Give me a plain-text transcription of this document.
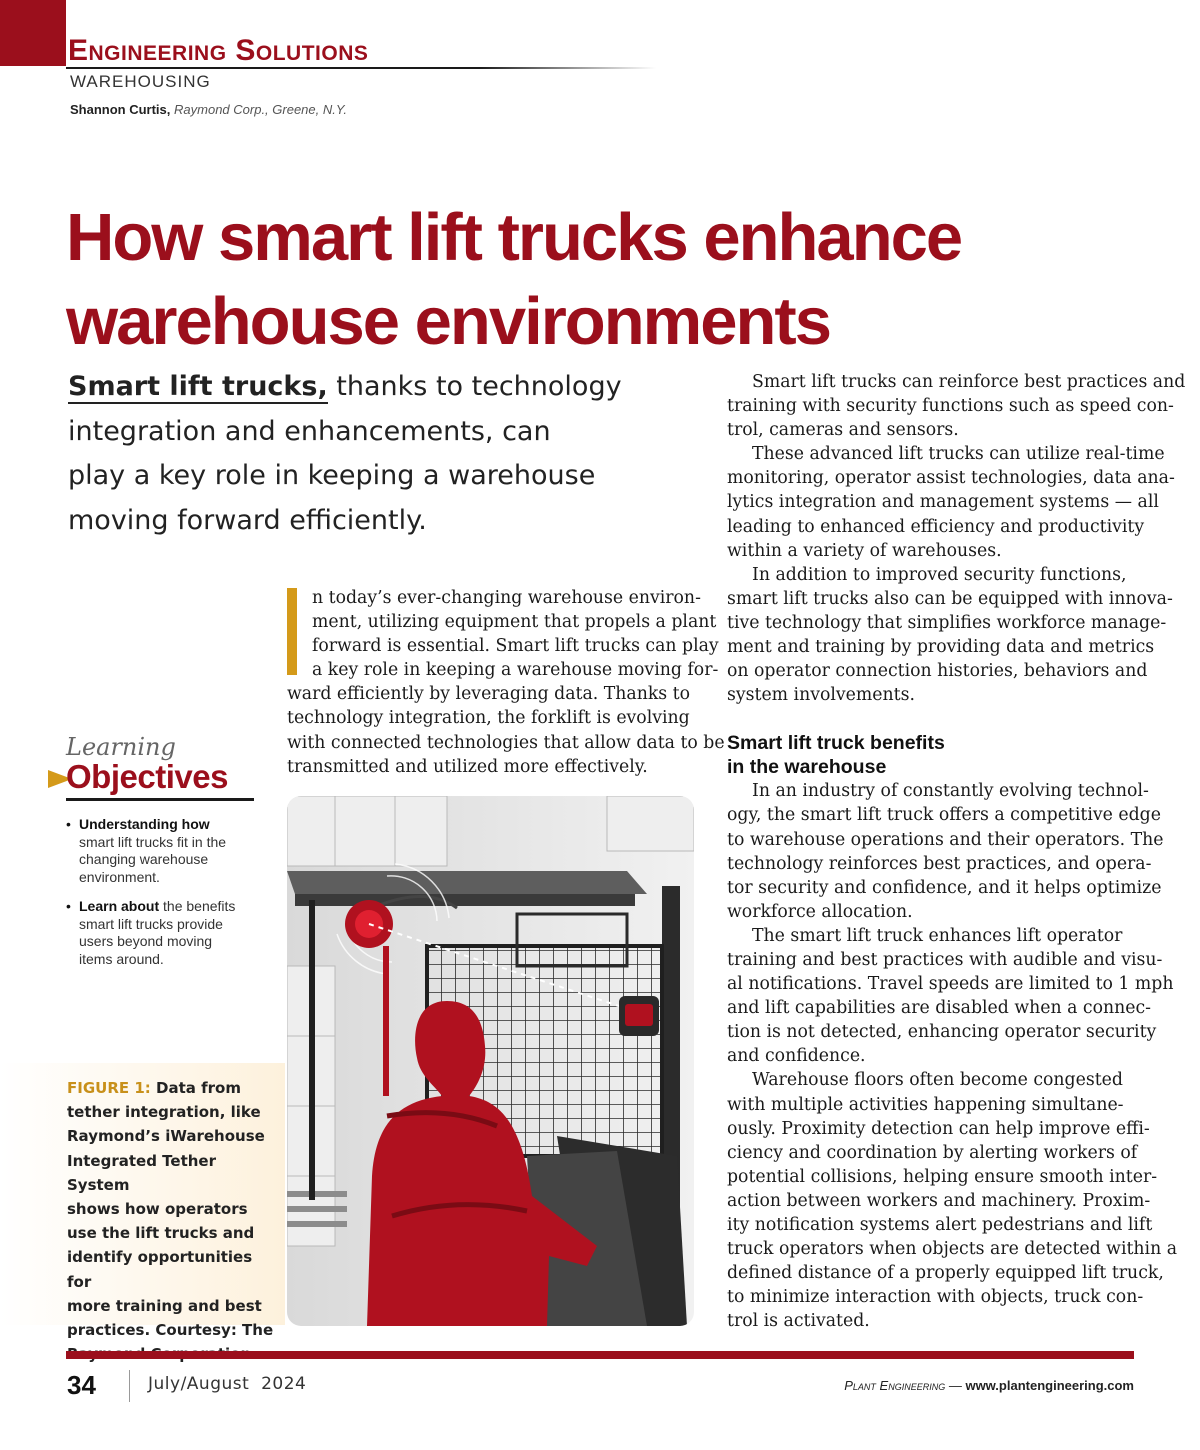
Engineering Solutions
WAREHOUSING
Shannon Curtis, Raymond Corp., Greene, N.Y.
How smart lift trucks enhance
warehouse environments
Smart lift trucks, thanks to technology
integration and enhancements, can
play a key role in keeping a warehouse
moving forward efficiently.
Learning
Objectives
• Understanding how
smart lift trucks fit in the
changing warehouse
environment.
• Learn about the benefits
smart lift trucks provide
users beyond moving
items around.
FIGURE 1: Data from
tether integration, like
Raymond’s iWarehouse
Integrated Tether System
shows how operators
use the lift trucks and
identify opportunities for
more training and best
practices. Courtesy: The

n today’s ever-changing warehouse environ-
ment, utilizing equipment that propels a plant
forward is essential. Smart lift trucks can play
a key role in keeping a warehouse moving for-
ward efficiently by leveraging data. Thanks to
technology integration, the forklift is evolving
with connected technologies that allow data to be
transmitted and utilized more effectively.
Smart lift trucks can reinforce best practices and
training with security functions such as speed con-
trol, cameras and sensors.
These advanced lift trucks can utilize real-time
monitoring, operator assist technologies, data ana-
lytics integration and management systems — all
leading to enhanced efficiency and productivity
within a variety of warehouses.
In addition to improved security functions,
smart lift trucks also can be equipped with innova-
tive technology that simplifies workforce manage-
ment and training by providing data and metrics
on operator connection histories, behaviors and
system involvements.
Smart lift truck benefits
in the warehouse
In an industry of constantly evolving technol-
ogy, the smart lift truck offers a competitive edge
to warehouse operations and their operators. The
technology reinforces best practices, and opera-
tor security and confidence, and it helps optimize
workforce allocation.
The smart lift truck enhances lift operator
training and best practices with audible and visu-
al notifications. Travel speeds are limited to 1 mph
and lift capabilities are disabled when a connec-
tion is not detected, enhancing operator security
and confidence.
Warehouse floors often become congested
with multiple activities happening simultane-
ously. Proximity detection can help improve effi-
ciency and coordination by alerting workers of
potential collisions, helping ensure smooth inter-
action between workers and machinery. Proxim-
ity notification systems alert pedestrians and lift
truck operators when objects are detected within a
defined distance of a properly equipped lift truck,
to minimize interaction with objects, truck con-
trol is activated.
34	July/August  2024	Plant Engineering — www.plantengineering.com
